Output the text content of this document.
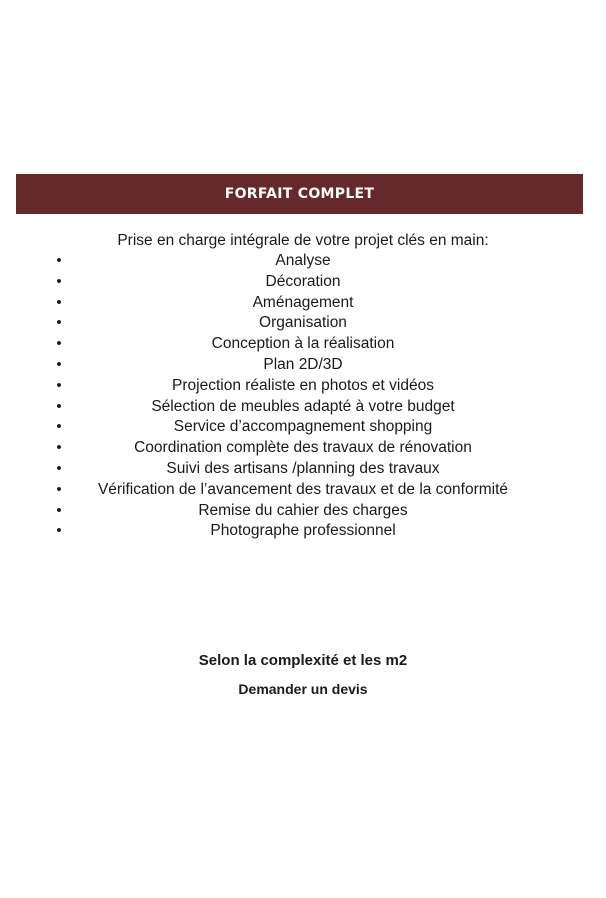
FORFAIT COMPLET
Prise en charge intégrale de votre projet clés en main:
•	Analyse
•	Décoration
•	Aménagement
•	Organisation
•	Conception à la réalisation
•	Plan 2D/3D
•	Projection réaliste en photos et vidéos
•	Sélection de meubles adapté à votre budget
•	Service d’accompagnement shopping
•	Coordination complète des travaux de rénovation
•	Suivi des artisans /planning des travaux
• Vérification de l’avancement des travaux et de la conformité
•	Remise du cahier des charges
•	Photographe professionnel
Selon la complexité et les m2
Demander un devis
